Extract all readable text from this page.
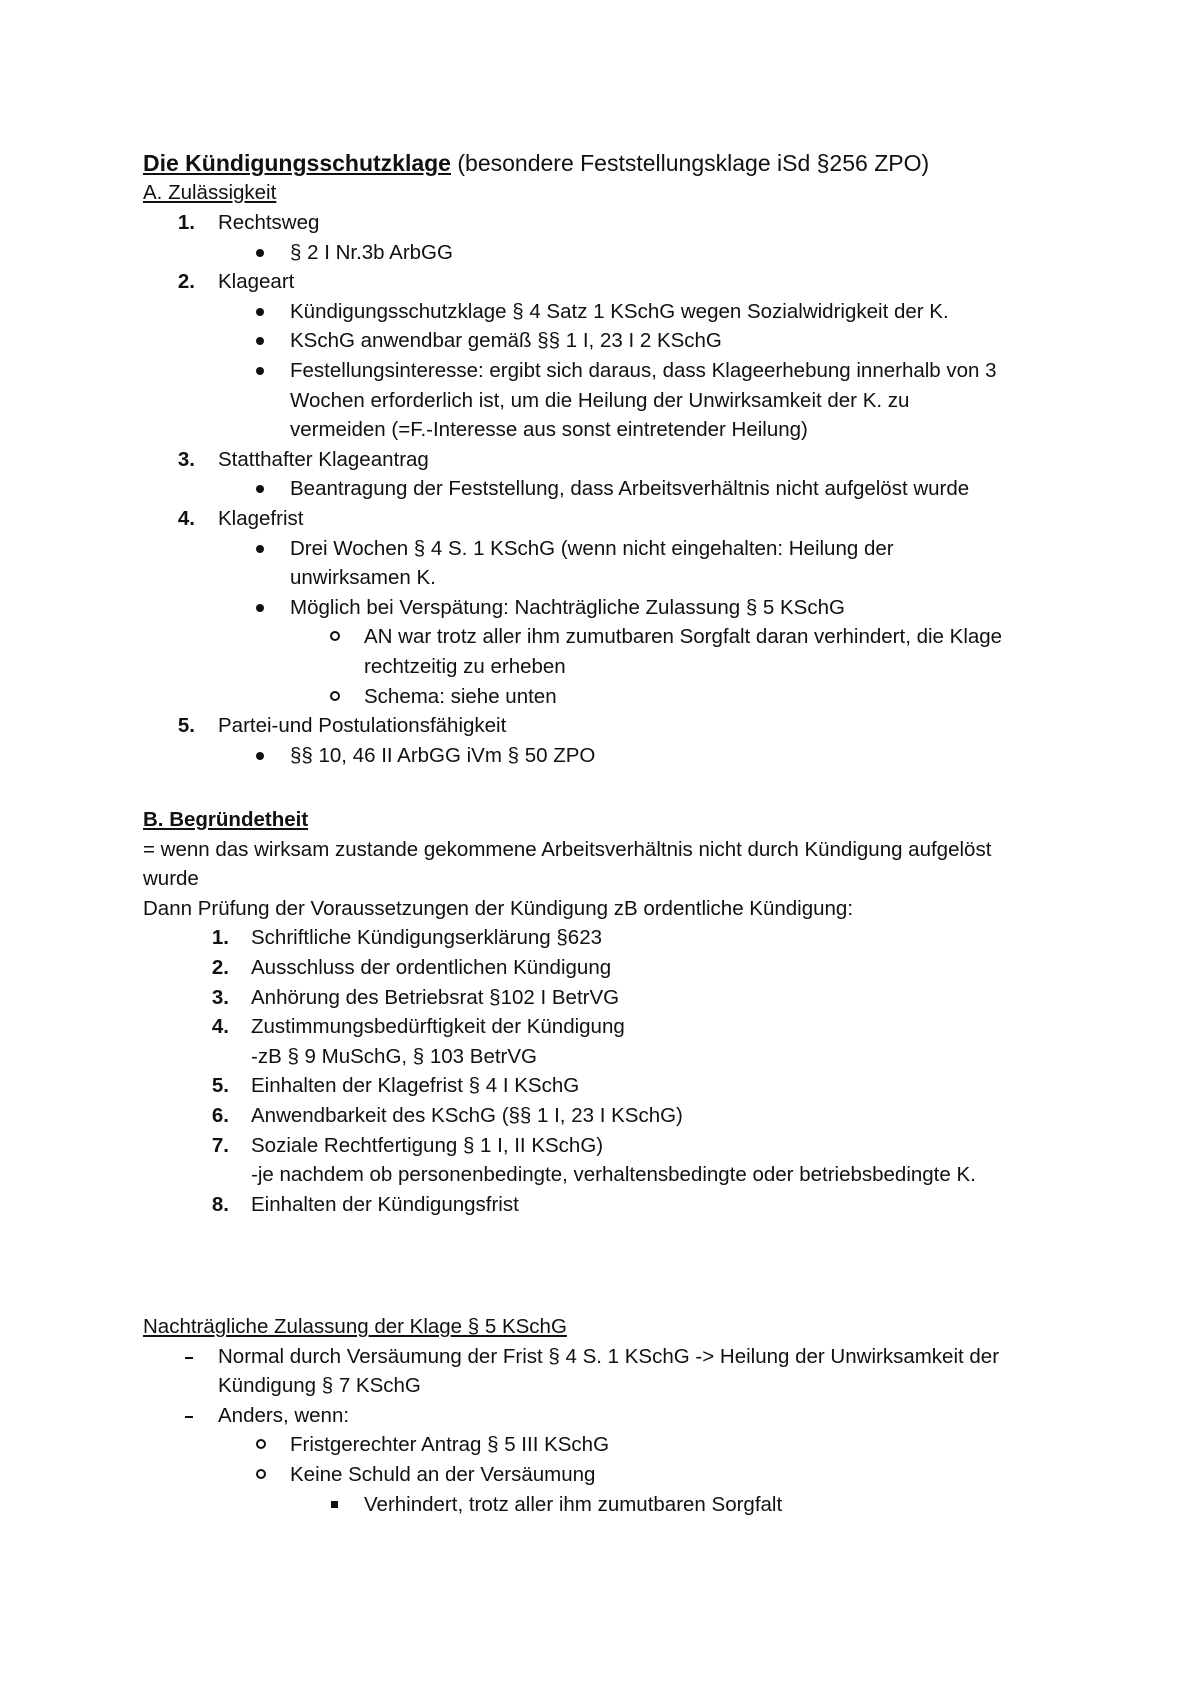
Die Kündigungsschutzklage (besondere Feststellungsklage iSd §256 ZPO)
A. Zulässigkeit
1. Rechtsweg
§ 2 I Nr.3b ArbGG
2. Klageart
Kündigungsschutzklage § 4 Satz 1 KSchG wegen Sozialwidrigkeit der K.
KSchG anwendbar gemäß §§ 1 I, 23 I 2 KSchG
Festellungsinteresse: ergibt sich daraus, dass Klageerhebung innerhalb von 3
Wochen erforderlich ist, um die Heilung der Unwirksamkeit der K. zu
vermeiden (=F.-Interesse aus sonst eintretender Heilung)
3. Statthafter Klageantrag
Beantragung der Feststellung, dass Arbeitsverhältnis nicht aufgelöst wurde
4. Klagefrist
Drei Wochen § 4 S. 1 KSchG (wenn nicht eingehalten: Heilung der
unwirksamen K.
Möglich bei Verspätung: Nachträgliche Zulassung § 5 KSchG
AN war trotz aller ihm zumutbaren Sorgfalt daran verhindert, die Klage
rechtzeitig zu erheben
Schema: siehe unten
5. Partei-und Postulationsfähigkeit
§§ 10, 46 II ArbGG iVm § 50 ZPO
B. Begründetheit
= wenn das wirksam zustande gekommene Arbeitsverhältnis nicht durch Kündigung aufgelöst
wurde
Dann Prüfung der Voraussetzungen der Kündigung zB ordentliche Kündigung:
1. Schriftliche Kündigungserklärung §623
2. Ausschluss der ordentlichen Kündigung
3. Anhörung des Betriebsrat §102 I BetrVG
4. Zustimmungsbedürftigkeit der Kündigung
-zB § 9 MuSchG, § 103 BetrVG
5. Einhalten der Klagefrist § 4 I KSchG
6. Anwendbarkeit des KSchG (§§ 1 I, 23 I KSchG)
7. Soziale Rechtfertigung § 1 I, II KSchG)
-je nachdem ob personenbedingte, verhaltensbedingte oder betriebsbedingte K.
8. Einhalten der Kündigungsfrist
Nachträgliche Zulassung der Klage § 5 KSchG
Normal durch Versäumung der Frist § 4 S. 1 KSchG -> Heilung der Unwirksamkeit der
Kündigung § 7 KSchG
Anders, wenn:
Fristgerechter Antrag § 5 III KSchG
Keine Schuld an der Versäumung
Verhindert, trotz aller ihm zumutbaren Sorgfalt
